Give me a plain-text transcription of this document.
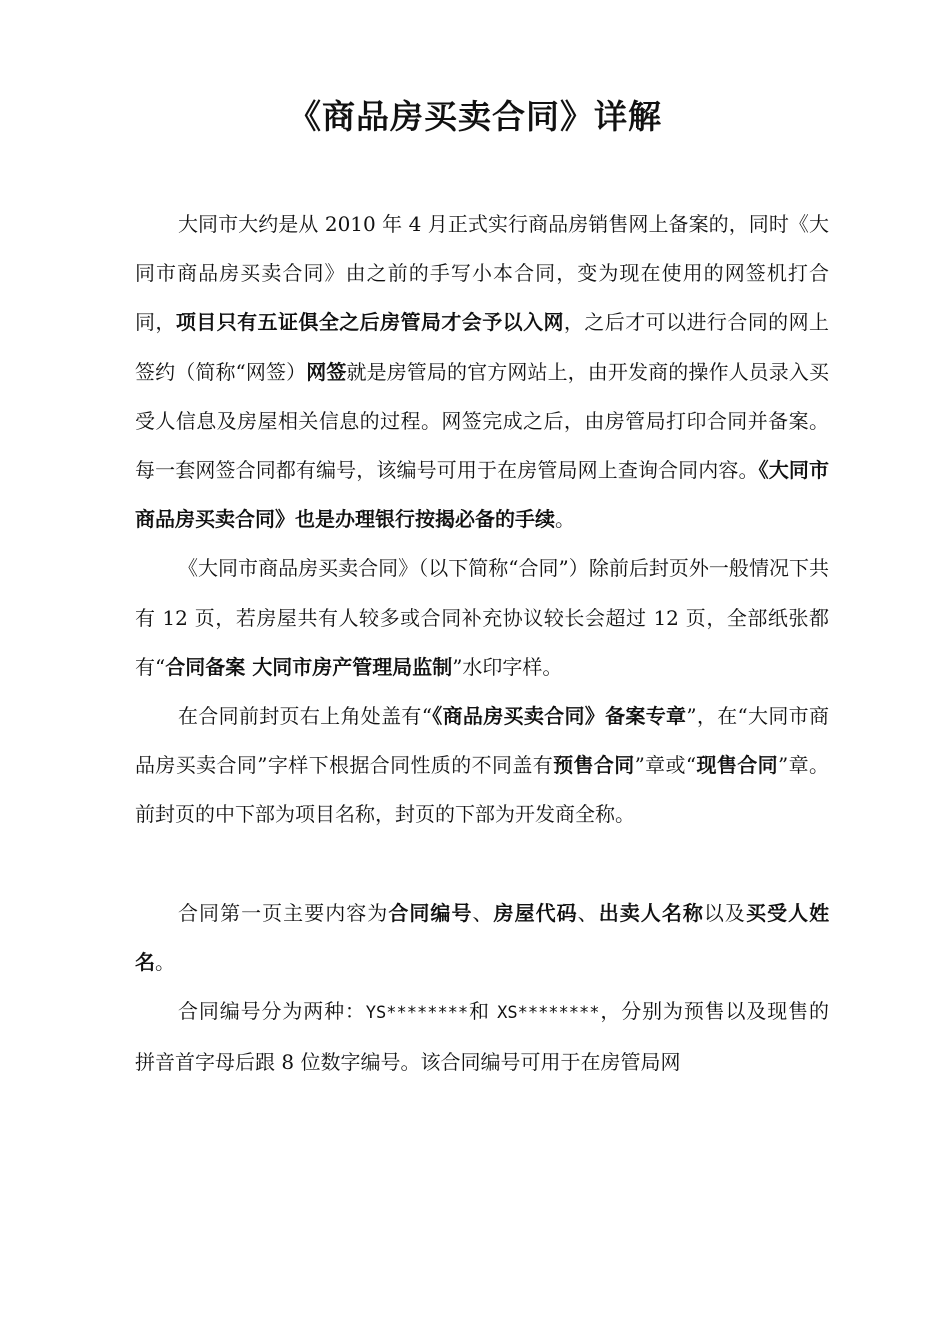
《商品房买卖合同》详解

大同市大约是从 2010 年 4 月正式实行商品房销售网上备案的，同时《大同市商品房买卖合同》由之前的手写小本合同，变为现在使用的网签机打合同，项目只有五证俱全之后房管局才会予以入网，之后才可以进行合同的网上签约（简称“网签）网签就是房管局的官方网站上，由开发商的操作人员录入买受人信息及房屋相关信息的过程。网签完成之后，由房管局打印合同并备案。每一套网签合同都有编号，该编号可用于在房管局网上查询合同内容。《大同市商品房买卖合同》也是办理银行按揭必备的手续。

《大同市商品房买卖合同》（以下简称“合同”）除前后封页外一般情况下共有 12 页，若房屋共有人较多或合同补充协议较长会超过 12 页，全部纸张都有“合同备案 大同市房产管理局监制”水印字样。

在合同前封页右上角处盖有“《商品房买卖合同》备案专章”，在“大同市商品房买卖合同”字样下根据合同性质的不同盖有预售合同”章或“现售合同”章。前封页的中下部为项目名称，封页的下部为开发商全称。

合同第一页主要内容为合同编号、房屋代码、出卖人名称以及买受人姓名。

合同编号分为两种：YS********和 XS********，分别为预售以及现售的拼音首字母后跟 8 位数字编号。该合同编号可用于在房管局网
